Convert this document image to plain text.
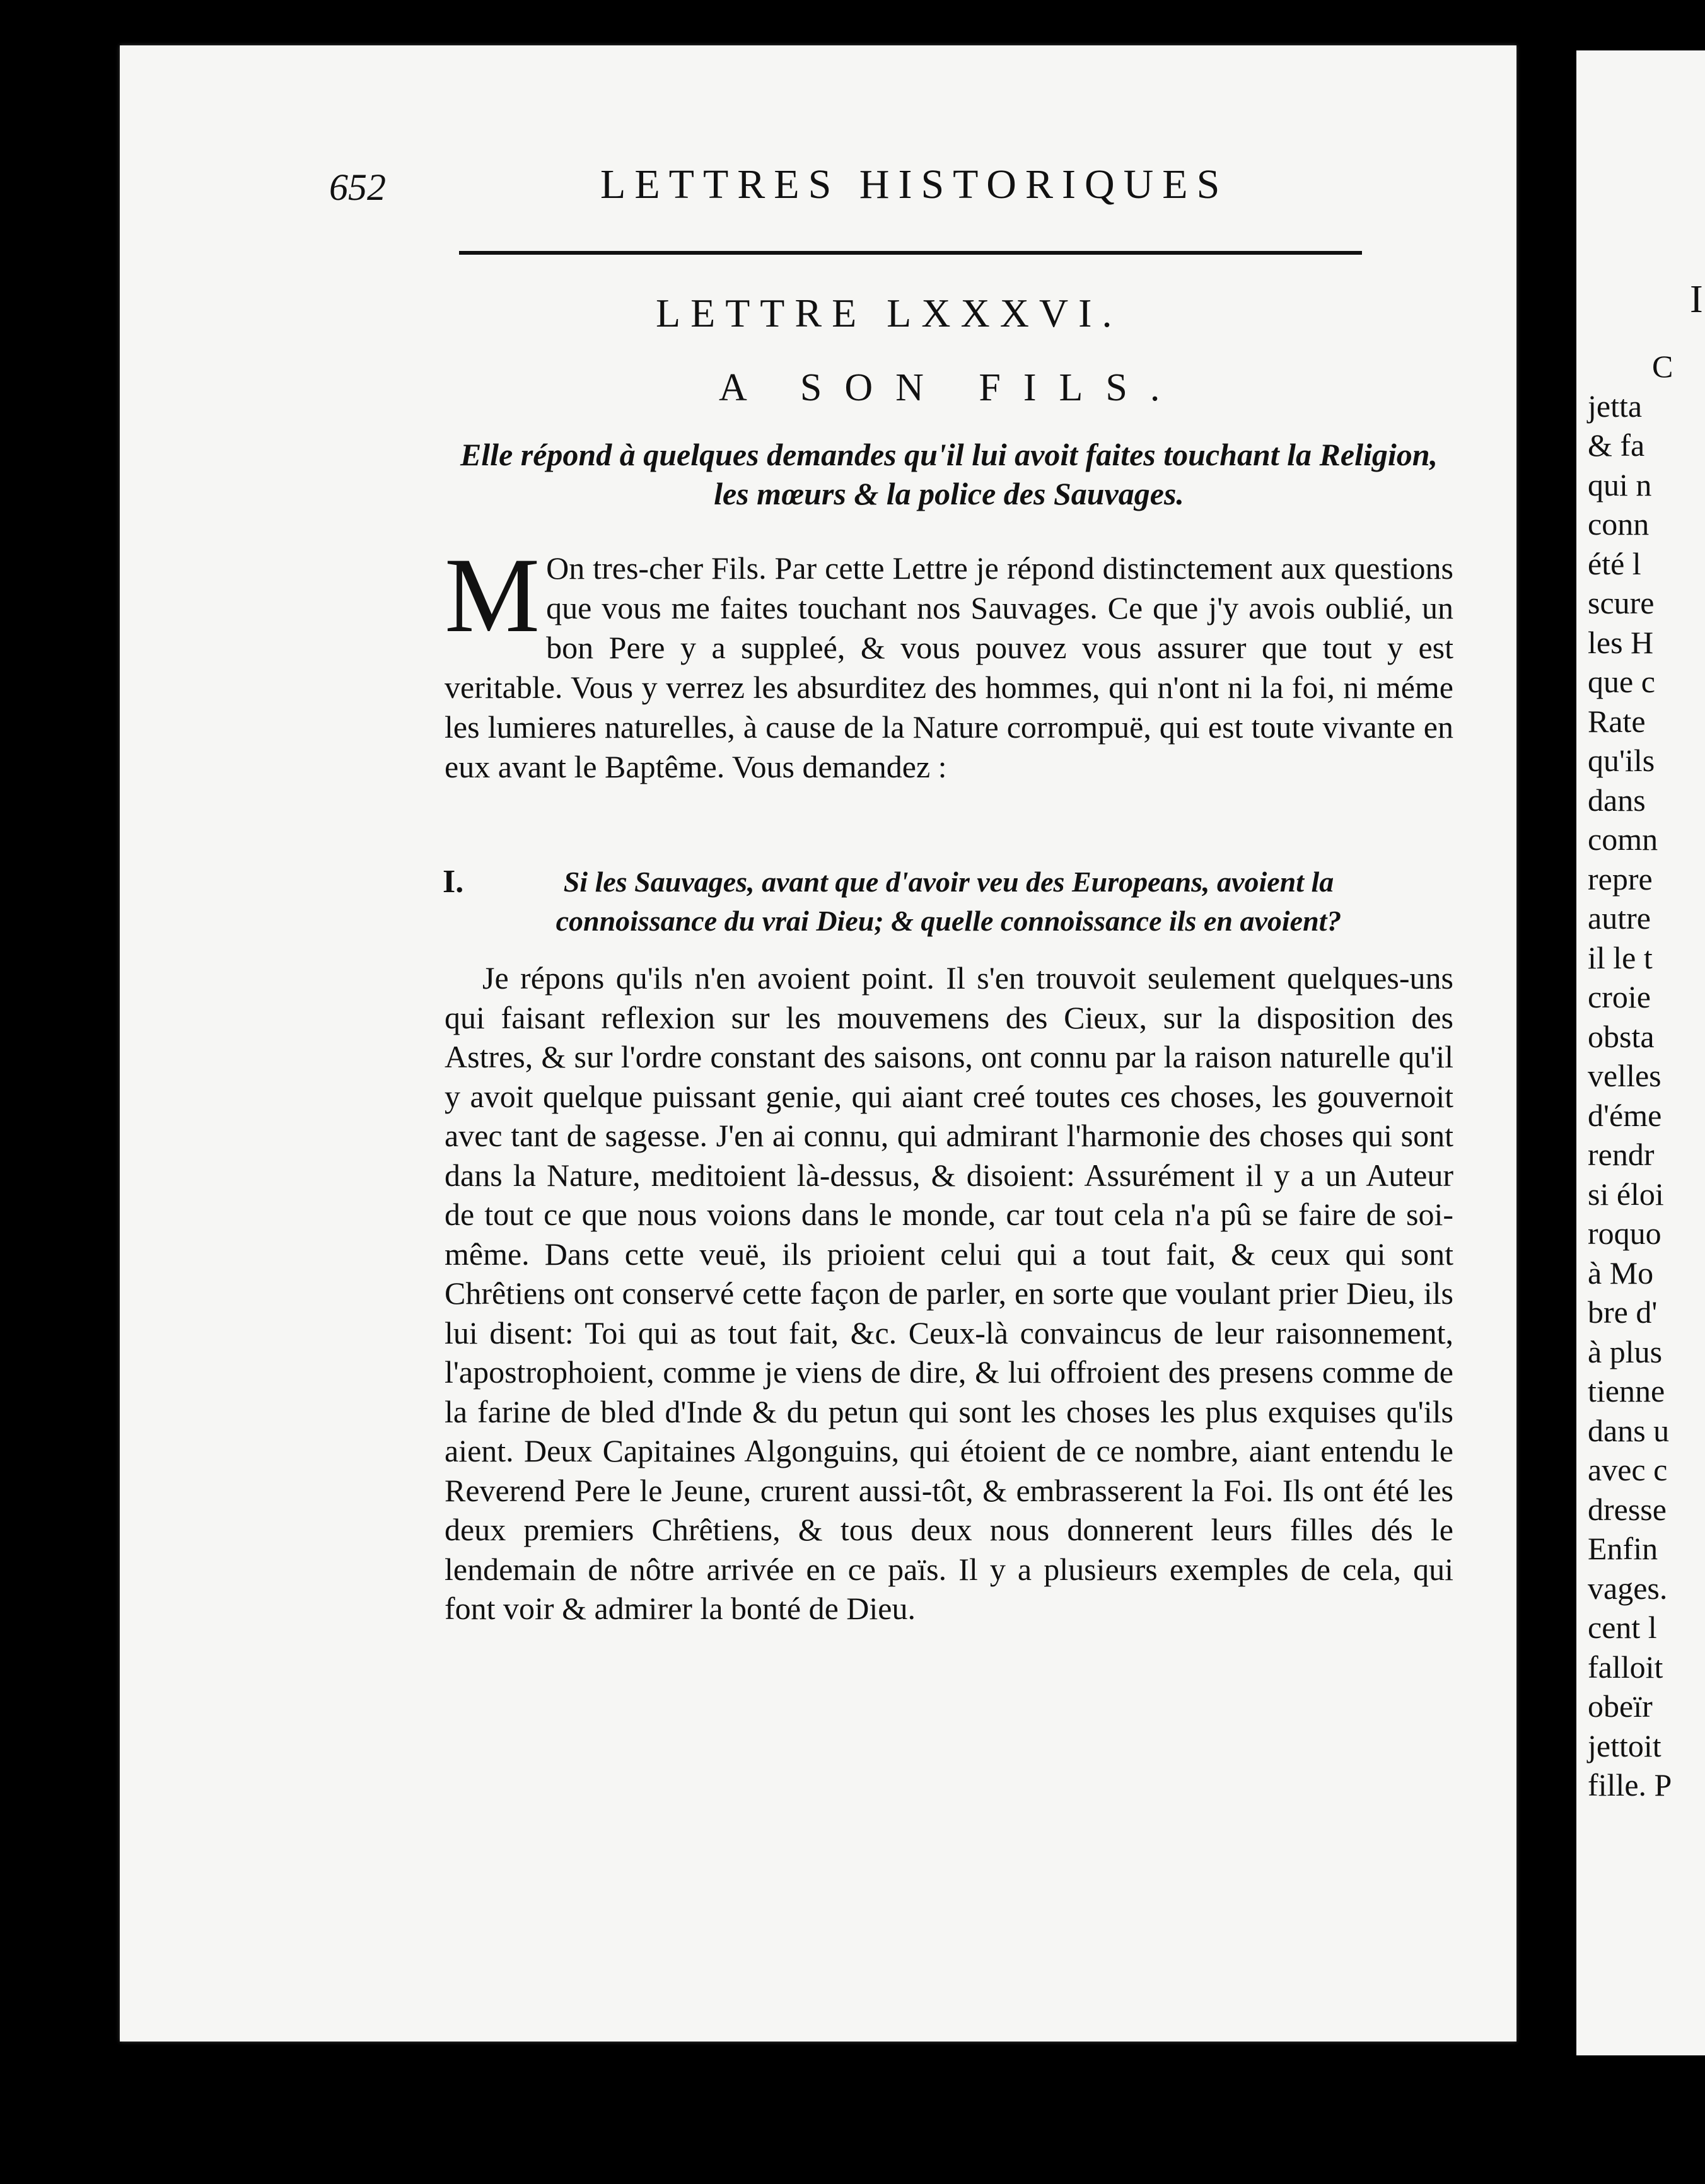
652	LETTRES HISTORIQUES
LETTRE LXXXVI.
A SON FILS.
Elle répond à quelques demandes qu'il lui avoit faites touchant la Religion,
les mœurs & la police des Sauvages.
M On tres-cher Fils. Par cette Lettre je répond distinctement aux questions que vous me faites touchant nos Sauvages. Ce que j'y avois oublié, un bon Pere y a suppleé, & vous pouvez vous assurer que tout y est veritable. Vous y verrez les absurditez des hommes, qui n'ont ni la foi, ni méme les lumieres naturelles, à cause de la Nature corrompuë, qui est toute vivante en eux avant le Baptême. Vous demandez :
I.	Si les Sauvages, avant que d'avoir veu des Europeans, avoient la
connoissance du vrai Dieu; & quelle connoissance ils en avoient?
Je répons qu'ils n'en avoient point. Il s'en trouvoit seulement quelques-uns qui faisant reflexion sur les mouvemens des Cieux, sur la disposition des Astres, & sur l'ordre constant des saisons, ont connu par la raison naturelle qu'il y avoit quelque puissant genie, qui aiant creé toutes ces choses, les gouvernoit avec tant de sagesse. J'en ai connu, qui admirant l'harmonie des choses qui sont dans la Nature, meditoient là-dessus, & disoient: Assurément il y a un Auteur de tout ce que nous voions dans le monde, car tout cela n'a pû se faire de soi-même. Dans cette veuë, ils prioient celui qui a tout fait, & ceux qui sont Chrêtiens ont conservé cette façon de parler, en sorte que voulant prier Dieu, ils lui disent: Toi qui as tout fait, &c. Ceux-là convaincus de leur raisonnement, l'apostrophoient, comme je viens de dire, & lui offroient des presens comme de la farine de bled d'Inde & du petun qui sont les choses les plus exquises qu'ils aient. Deux Capitaines Algonguins, qui étoient de ce nombre, aiant entendu le Reverend Pere le Jeune, crurent aussi-tôt, & embrasserent la Foi. Ils ont été les deux premiers Chrêtiens, & tous deux nous donnerent leurs filles dés le lendemain de nôtre arrivée en ce païs. Il y a plusieurs exemples de cela, qui font voir & admirer la bonté de Dieu.
I
C
jetta
& fa
qui n
conn
été l
scure
les H
que c
Rate
qu'ils
dans
comn
repre
autre
il le t
croie
obsta
velles
d'éme
rendr
si éloi
roquo
à Mo
bre d'
à plus
tienne
dans u
avec c
dresse
Enfin
vages.
cent l
falloit
obeïr
jettoit
fille. P
